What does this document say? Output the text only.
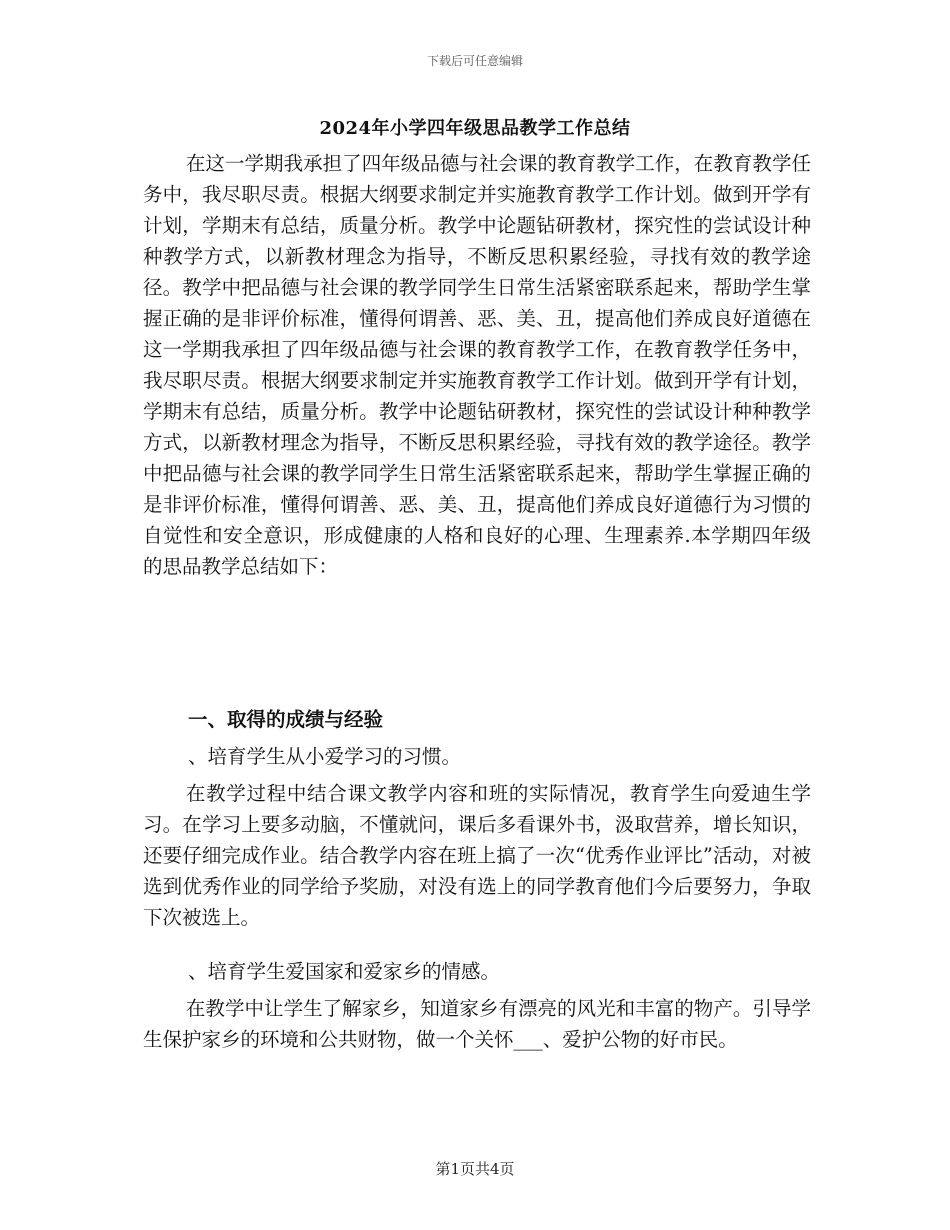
下载后可任意编辑
2024年小学四年级思品教学工作总结

在这一学期我承担了四年级品德与社会课的教育教学工作，在教育教学任务中，我尽职尽责。根据大纲要求制定并实施教育教学工作计划。做到开学有计划，学期末有总结，质量分析。教学中论题钻研教材，探究性的尝试设计种种教学方式，以新教材理念为指导，不断反思积累经验，寻找有效的教学途径。教学中把品德与社会课的教学同学生日常生活紧密联系起来，帮助学生掌握正确的是非评价标准，懂得何谓善、恶、美、丑，提高他们养成良好道德在这一学期我承担了四年级品德与社会课的教育教学工作，在教育教学任务中，我尽职尽责。根据大纲要求制定并实施教育教学工作计划。做到开学有计划，学期末有总结，质量分析。教学中论题钻研教材，探究性的尝试设计种种教学方式，以新教材理念为指导，不断反思积累经验，寻找有效的教学途径。教学中把品德与社会课的教学同学生日常生活紧密联系起来，帮助学生掌握正确的是非评价标准，懂得何谓善、恶、美、丑，提高他们养成良好道德行为习惯的自觉性和安全意识，形成健康的人格和良好的心理、生理素养.本学期四年级的思品教学总结如下：

一、取得的成绩与经验
、培育学生从小爱学习的习惯。

在教学过程中结合课文教学内容和班的实际情况，教育学生向爱迪生学习。在学习上要多动脑，不懂就问，课后多看课外书，汲取营养，增长知识，还要仔细完成作业。结合教学内容在班上搞了一次“优秀作业评比”活动，对被选到优秀作业的同学给予奖励，对没有选上的同学教育他们今后要努力，争取下次被选上。

、培育学生爱国家和爱家乡的情感。

在教学中让学生了解家乡，知道家乡有漂亮的风光和丰富的物产。引导学生保护家乡的环境和公共财物，做一个关怀___、爱护公物的好市民。

第1页共4页
